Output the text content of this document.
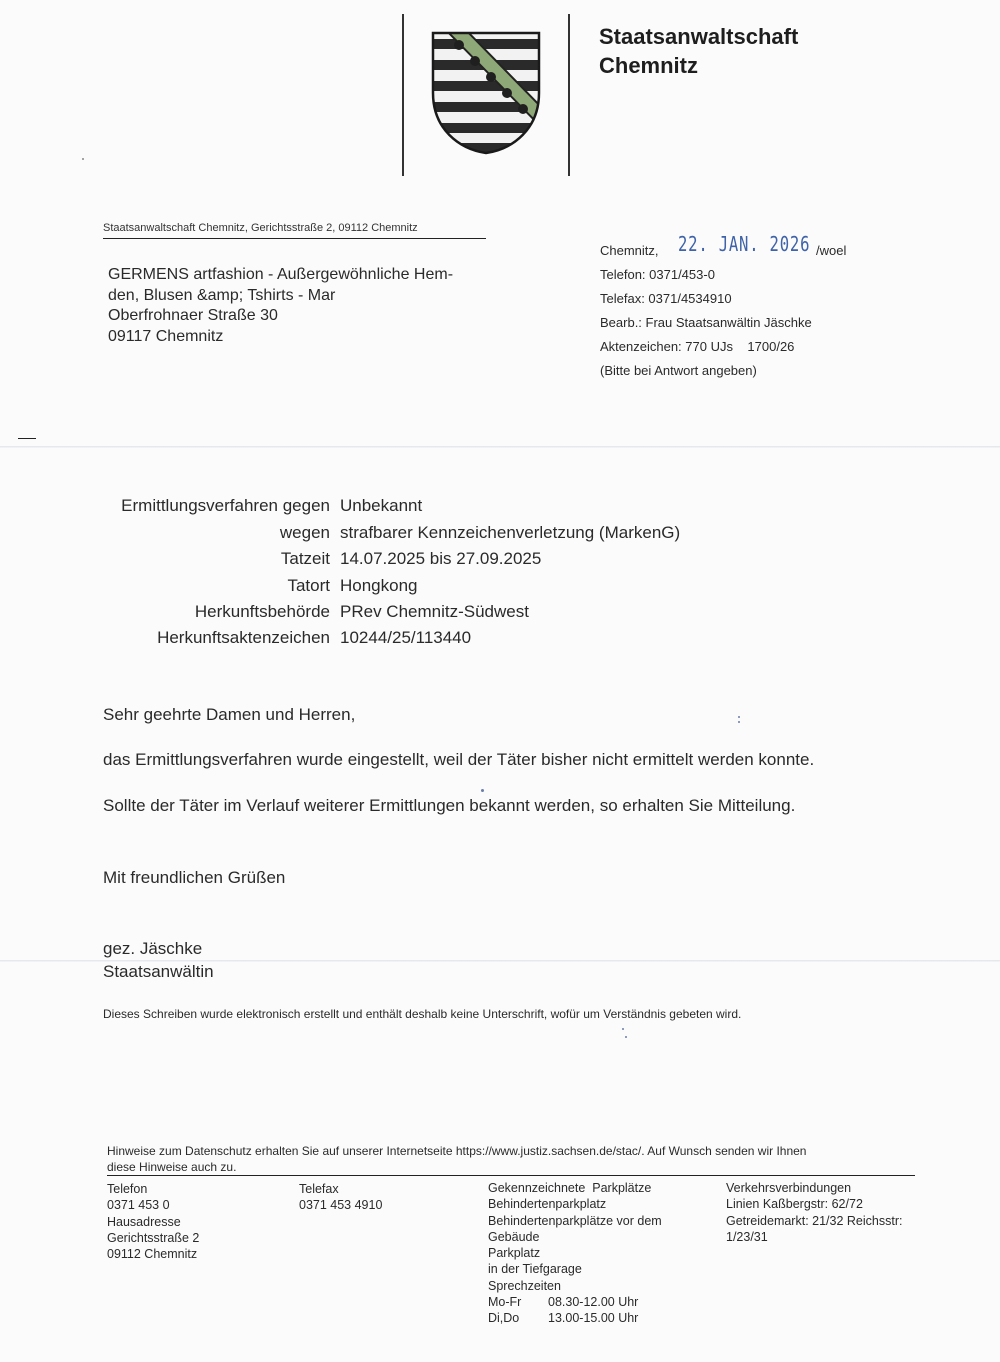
Staatsanwaltschaft
Chemnitz
Staatsanwaltschaft Chemnitz, Gerichtsstraße 2, 09112 Chemnitz
GERMENS artfashion - Außergewöhnliche Hem-
den, Blusen &amp; Tshirts - Mar
Oberfrohnaer Straße 30
09117 Chemnitz
Chemnitz, 22. JAN. 2026 /woel
Telefon: 0371/453-0
Telefax: 0371/4534910
Bearb.: Frau Staatsanwältin Jäschke
Aktenzeichen: 770 UJs    1700/26
(Bitte bei Antwort angeben)
Ermittlungsverfahren gegen Unbekannt
wegen strafbarer Kennzeichenverletzung (MarkenG)
Tatzeit 14.07.2025 bis 27.09.2025
Tatort Hongkong
Herkunftsbehörde PRev Chemnitz-Südwest
Herkunftsaktenzeichen 10244/25/113440
Sehr geehrte Damen und Herren,
das Ermittlungsverfahren wurde eingestellt, weil der Täter bisher nicht ermittelt werden konnte.
Sollte der Täter im Verlauf weiterer Ermittlungen bekannt werden, so erhalten Sie Mitteilung.
Mit freundlichen Grüßen
gez. Jäschke
Staatsanwältin
Dieses Schreiben wurde elektronisch erstellt und enthält deshalb keine Unterschrift, wofür um Verständnis gebeten wird.
Hinweise zum Datenschutz erhalten Sie auf unserer Internetseite https://www.justiz.sachsen.de/stac/. Auf Wunsch senden wir Ihnen
diese Hinweise auch zu.
Telefon
0371 453 0
Hausadresse
Gerichtsstraße 2
09112 Chemnitz
Telefax
0371 453 4910
Gekennzeichnete  Parkplätze
Behindertenparkplatz
Behindertenparkplätze vor dem
Gebäude
Parkplatz
in der Tiefgarage
Sprechzeiten
Mo-Fr	08.30-12.00 Uhr
Di,Do	13.00-15.00 Uhr
Verkehrsverbindungen
Linien Kaßbergstr: 62/72
Getreidemarkt: 21/32 Reichsstr:
1/23/31
